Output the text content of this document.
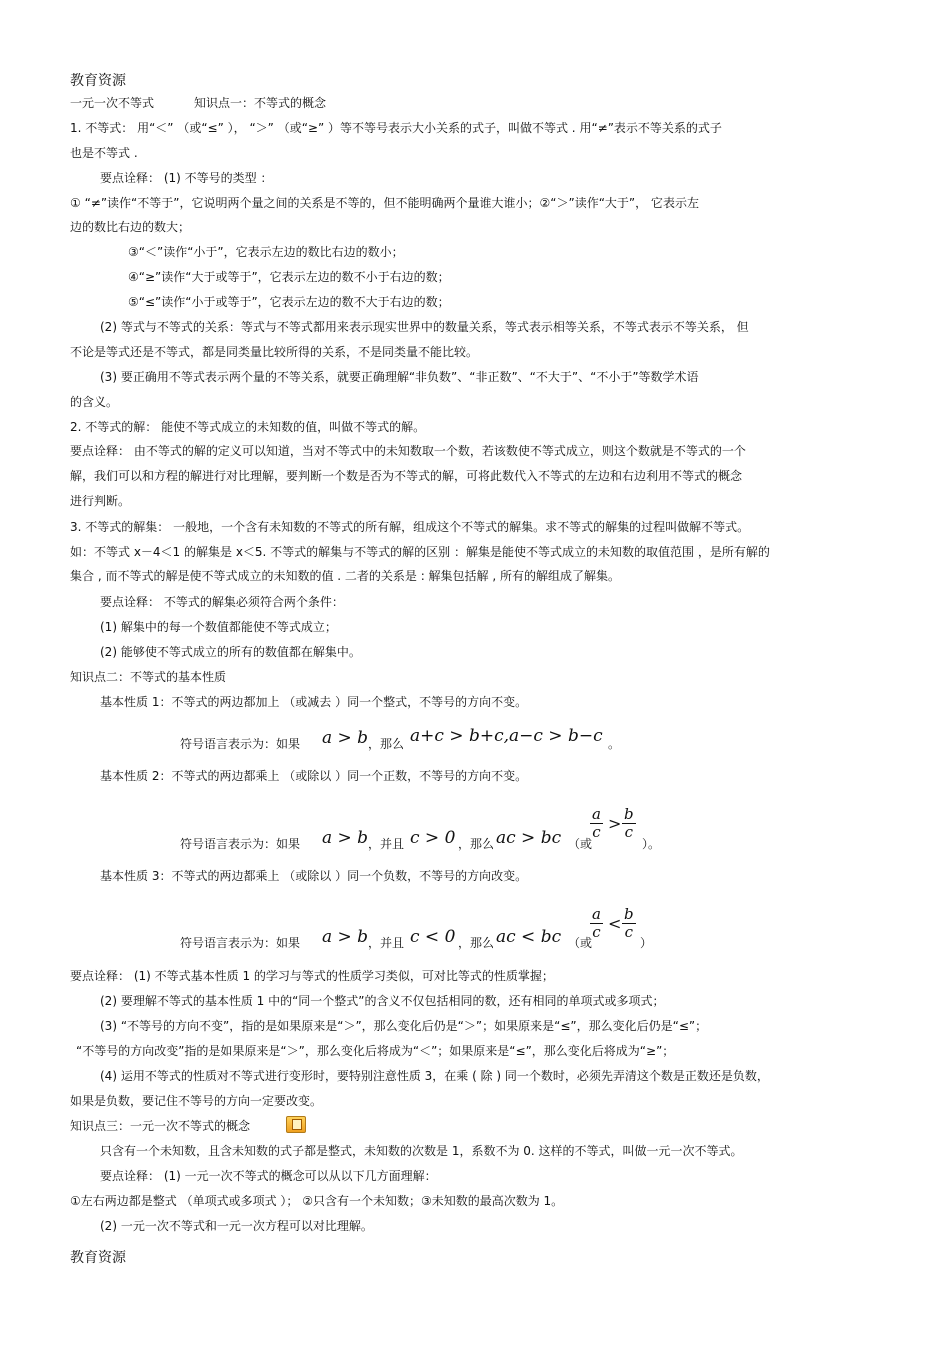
教育资源
一元一次不等式	知识点一：不等式的概念
1. 不等式： 用“＜” （或“≤” ）， “＞” （或“≥” ）等不等号表示大小关系的式子，叫做不等式 . 用“≠”表示不等关系的式子
也是不等式 .
要点诠释： (1) 不等号的类型 ：
① “≠”读作“不等于”，它说明两个量之间的关系是不等的，但不能明确两个量谁大谁小；②“＞”读作“大于”， 它表示左
边的数比右边的数大；
③“＜”读作“小于”，它表示左边的数比右边的数小；
④“≥”读作“大于或等于”，它表示左边的数不小于右边的数；
⑤“≤”读作“小于或等于”，它表示左边的数不大于右边的数；
(2) 等式与不等式的关系：等式与不等式都用来表示现实世界中的数量关系，等式表示相等关系，不等式表示不等关系， 但
不论是等式还是不等式，都是同类量比较所得的关系，不是同类量不能比较。
(3) 要正确用不等式表示两个量的不等关系，就要正确理解“非负数”、“非正数”、“不大于”、“不小于”等数学术语
的含义。
2. 不等式的解： 能使不等式成立的未知数的值，叫做不等式的解。
要点诠释： 由不等式的解的定义可以知道，当对不等式中的未知数取一个数，若该数使不等式成立，则这个数就是不等式的一个
解，我们可以和方程的解进行对比理解，要判断一个数是否为不等式的解，可将此数代入不等式的左边和右边利用不等式的概念
进行判断。
3. 不等式的解集： 一般地，一个含有未知数的不等式的所有解，组成这个不等式的解集。求不等式的解集的过程叫做解不等式。
如：不等式 x－4＜1 的解集是 x＜5. 不等式的解集与不等式的解的区别 ：解集是能使不等式成立的未知数的取值范围 ，是所有解的
集合 , 而不等式的解是使不等式成立的未知数的值 . 二者的关系是 : 解集包括解 , 所有的解组成了解集。
要点诠释： 不等式的解集必须符合两个条件：
(1) 解集中的每一个数值都能使不等式成立；
(2) 能够使不等式成立的所有的数值都在解集中。
知识点二：不等式的基本性质
基本性质 1：不等式的两边都加上 （或减去 ）同一个整式，不等号的方向不变。
符号语言表示为：如果 a > b ，那么 a+c > b+c,a−c > b−c 。
基本性质 2：不等式的两边都乘上 （或除以 ）同一个正数，不等号的方向不变。
符号语言表示为：如果 a > b ，并且 c > 0 ，那么 ac > bc （或
$\frac{a}{c} > \frac{b}{c}$
）。
基本性质 3：不等式的两边都乘上 （或除以 ）同一个负数，不等号的方向改变。
符号语言表示为：如果 a > b ，并且 c < 0 ，那么 ac < bc （或
$\frac{a}{c} < \frac{b}{c}$
）
要点诠释： (1) 不等式基本性质 1 的学习与等式的性质学习类似，可对比等式的性质掌握；
(2) 要理解不等式的基本性质 1 中的“同一个整式”的含义不仅包括相同的数，还有相同的单项式或多项式；
(3) “不等号的方向不变”，指的是如果原来是“＞”，那么变化后仍是“＞”；如果原来是“≤”，那么变化后仍是“≤”；
“不等号的方向改变”指的是如果原来是“＞”，那么变化后将成为“＜”；如果原来是“≤”，那么变化后将成为“≥”；
(4) 运用不等式的性质对不等式进行变形时，要特别注意性质 3，在乘 ( 除 ) 同一个数时，必须先弄清这个数是正数还是负数，
如果是负数，要记住不等号的方向一定要改变。
知识点三：一元一次不等式的概念
只含有一个未知数，且含未知数的式子都是整式，未知数的次数是 1，系数不为 0. 这样的不等式，叫做一元一次不等式。
要点诠释： (1) 一元一次不等式的概念可以从以下几方面理解：
①左右两边都是整式 （单项式或多项式 ）； ②只含有一个未知数；③未知数的最高次数为 1。
(2) 一元一次不等式和一元一次方程可以对比理解。
教育资源
